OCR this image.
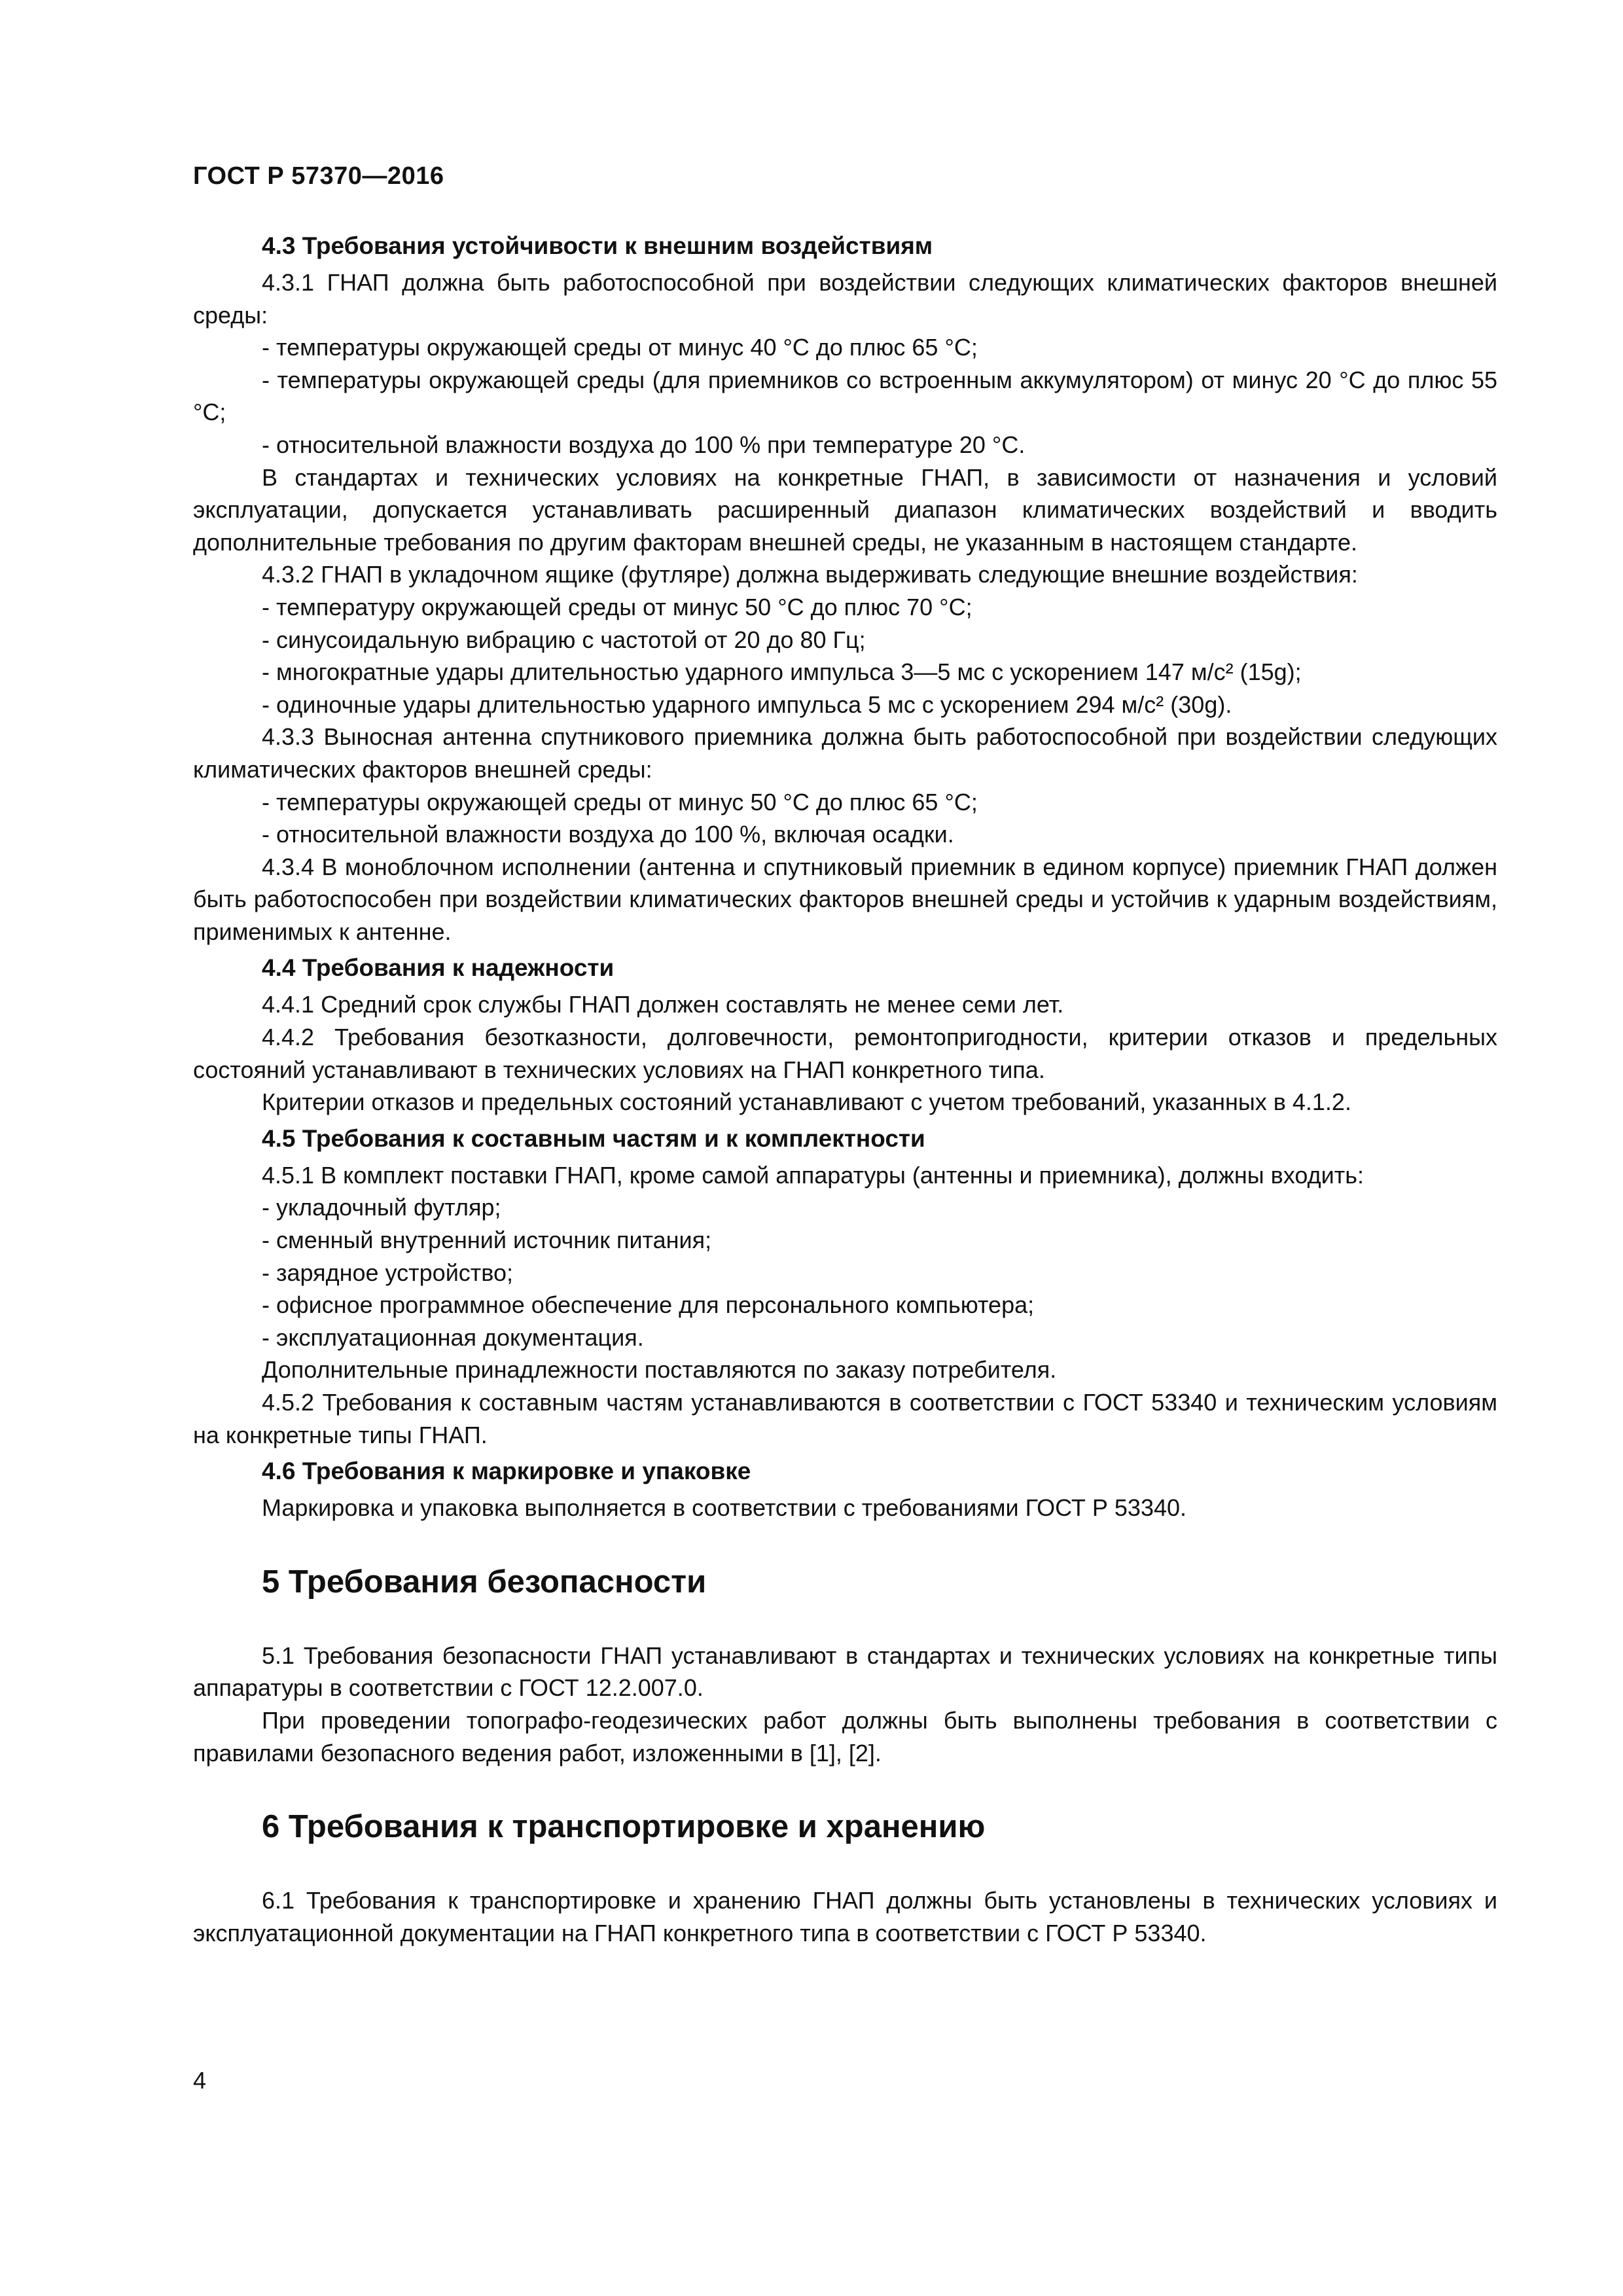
ГОСТ Р 57370—2016
4.3 Требования устойчивости к внешним воздействиям

4.3.1 ГНАП должна быть работоспособной при воздействии следующих климатических факторов внешней среды:

- температуры окружающей среды от минус 40 °С до плюс 65 °С;

- температуры окружающей среды (для приемников со встроенным аккумулятором) от минус 20 °С до плюс 55 °С;

- относительной влажности воздуха до 100 % при температуре 20 °С.

В стандартах и технических условиях на конкретные ГНАП, в зависимости от назначения и условий эксплуатации, допускается устанавливать расширенный диапазон климатических воздействий и вводить дополнительные требования по другим факторам внешней среды, не указанным в настоящем стандарте.

4.3.2 ГНАП в укладочном ящике (футляре) должна выдерживать следующие внешние воздействия:

- температуру окружающей среды от минус 50 °С до плюс 70 °С;

- синусоидальную вибрацию с частотой от 20 до 80 Гц;

- многократные удары длительностью ударного импульса 3—5 мс с ускорением 147 м/с² (15g);

- одиночные удары длительностью ударного импульса 5 мс с ускорением 294 м/с² (30g).

4.3.3 Выносная антенна спутникового приемника должна быть работоспособной при воздействии следующих климатических факторов внешней среды:

- температуры окружающей среды от минус 50 °С до плюс 65 °С;

- относительной влажности воздуха до 100 %, включая осадки.

4.3.4 В моноблочном исполнении (антенна и спутниковый приемник в едином корпусе) приемник ГНАП должен быть работоспособен при воздействии климатических факторов внешней среды и устойчив к ударным воздействиям, применимых к антенне.

4.4 Требования к надежности

4.4.1 Средний срок службы ГНАП должен составлять не менее семи лет.

4.4.2 Требования безотказности, долговечности, ремонтопригодности, критерии отказов и предельных состояний устанавливают в технических условиях на ГНАП конкретного типа.

Критерии отказов и предельных состояний устанавливают с учетом требований, указанных в 4.1.2.

4.5 Требования к составным частям и к комплектности

4.5.1 В комплект поставки ГНАП, кроме самой аппаратуры (антенны и приемника), должны входить:

- укладочный футляр;

- сменный внутренний источник питания;

- зарядное устройство;

- офисное программное обеспечение для персонального компьютера;

- эксплуатационная документация.

Дополнительные принадлежности поставляются по заказу потребителя.

4.5.2 Требования к составным частям устанавливаются в соответствии с ГОСТ 53340 и техническим условиям на конкретные типы ГНАП.

4.6 Требования к маркировке и упаковке

Маркировка и упаковка выполняется в соответствии с требованиями ГОСТ Р 53340.

5 Требования безопасности

5.1 Требования безопасности ГНАП устанавливают в стандартах и технических условиях на конкретные типы аппаратуры в соответствии с ГОСТ 12.2.007.0.

При проведении топографо-геодезических работ должны быть выполнены требования в соответствии с правилами безопасного ведения работ, изложенными в [1], [2].

6 Требования к транспортировке и хранению

6.1 Требования к транспортировке и хранению ГНАП должны быть установлены в технических условиях и эксплуатационной документации на ГНАП конкретного типа в соответствии с ГОСТ Р 53340.

4
